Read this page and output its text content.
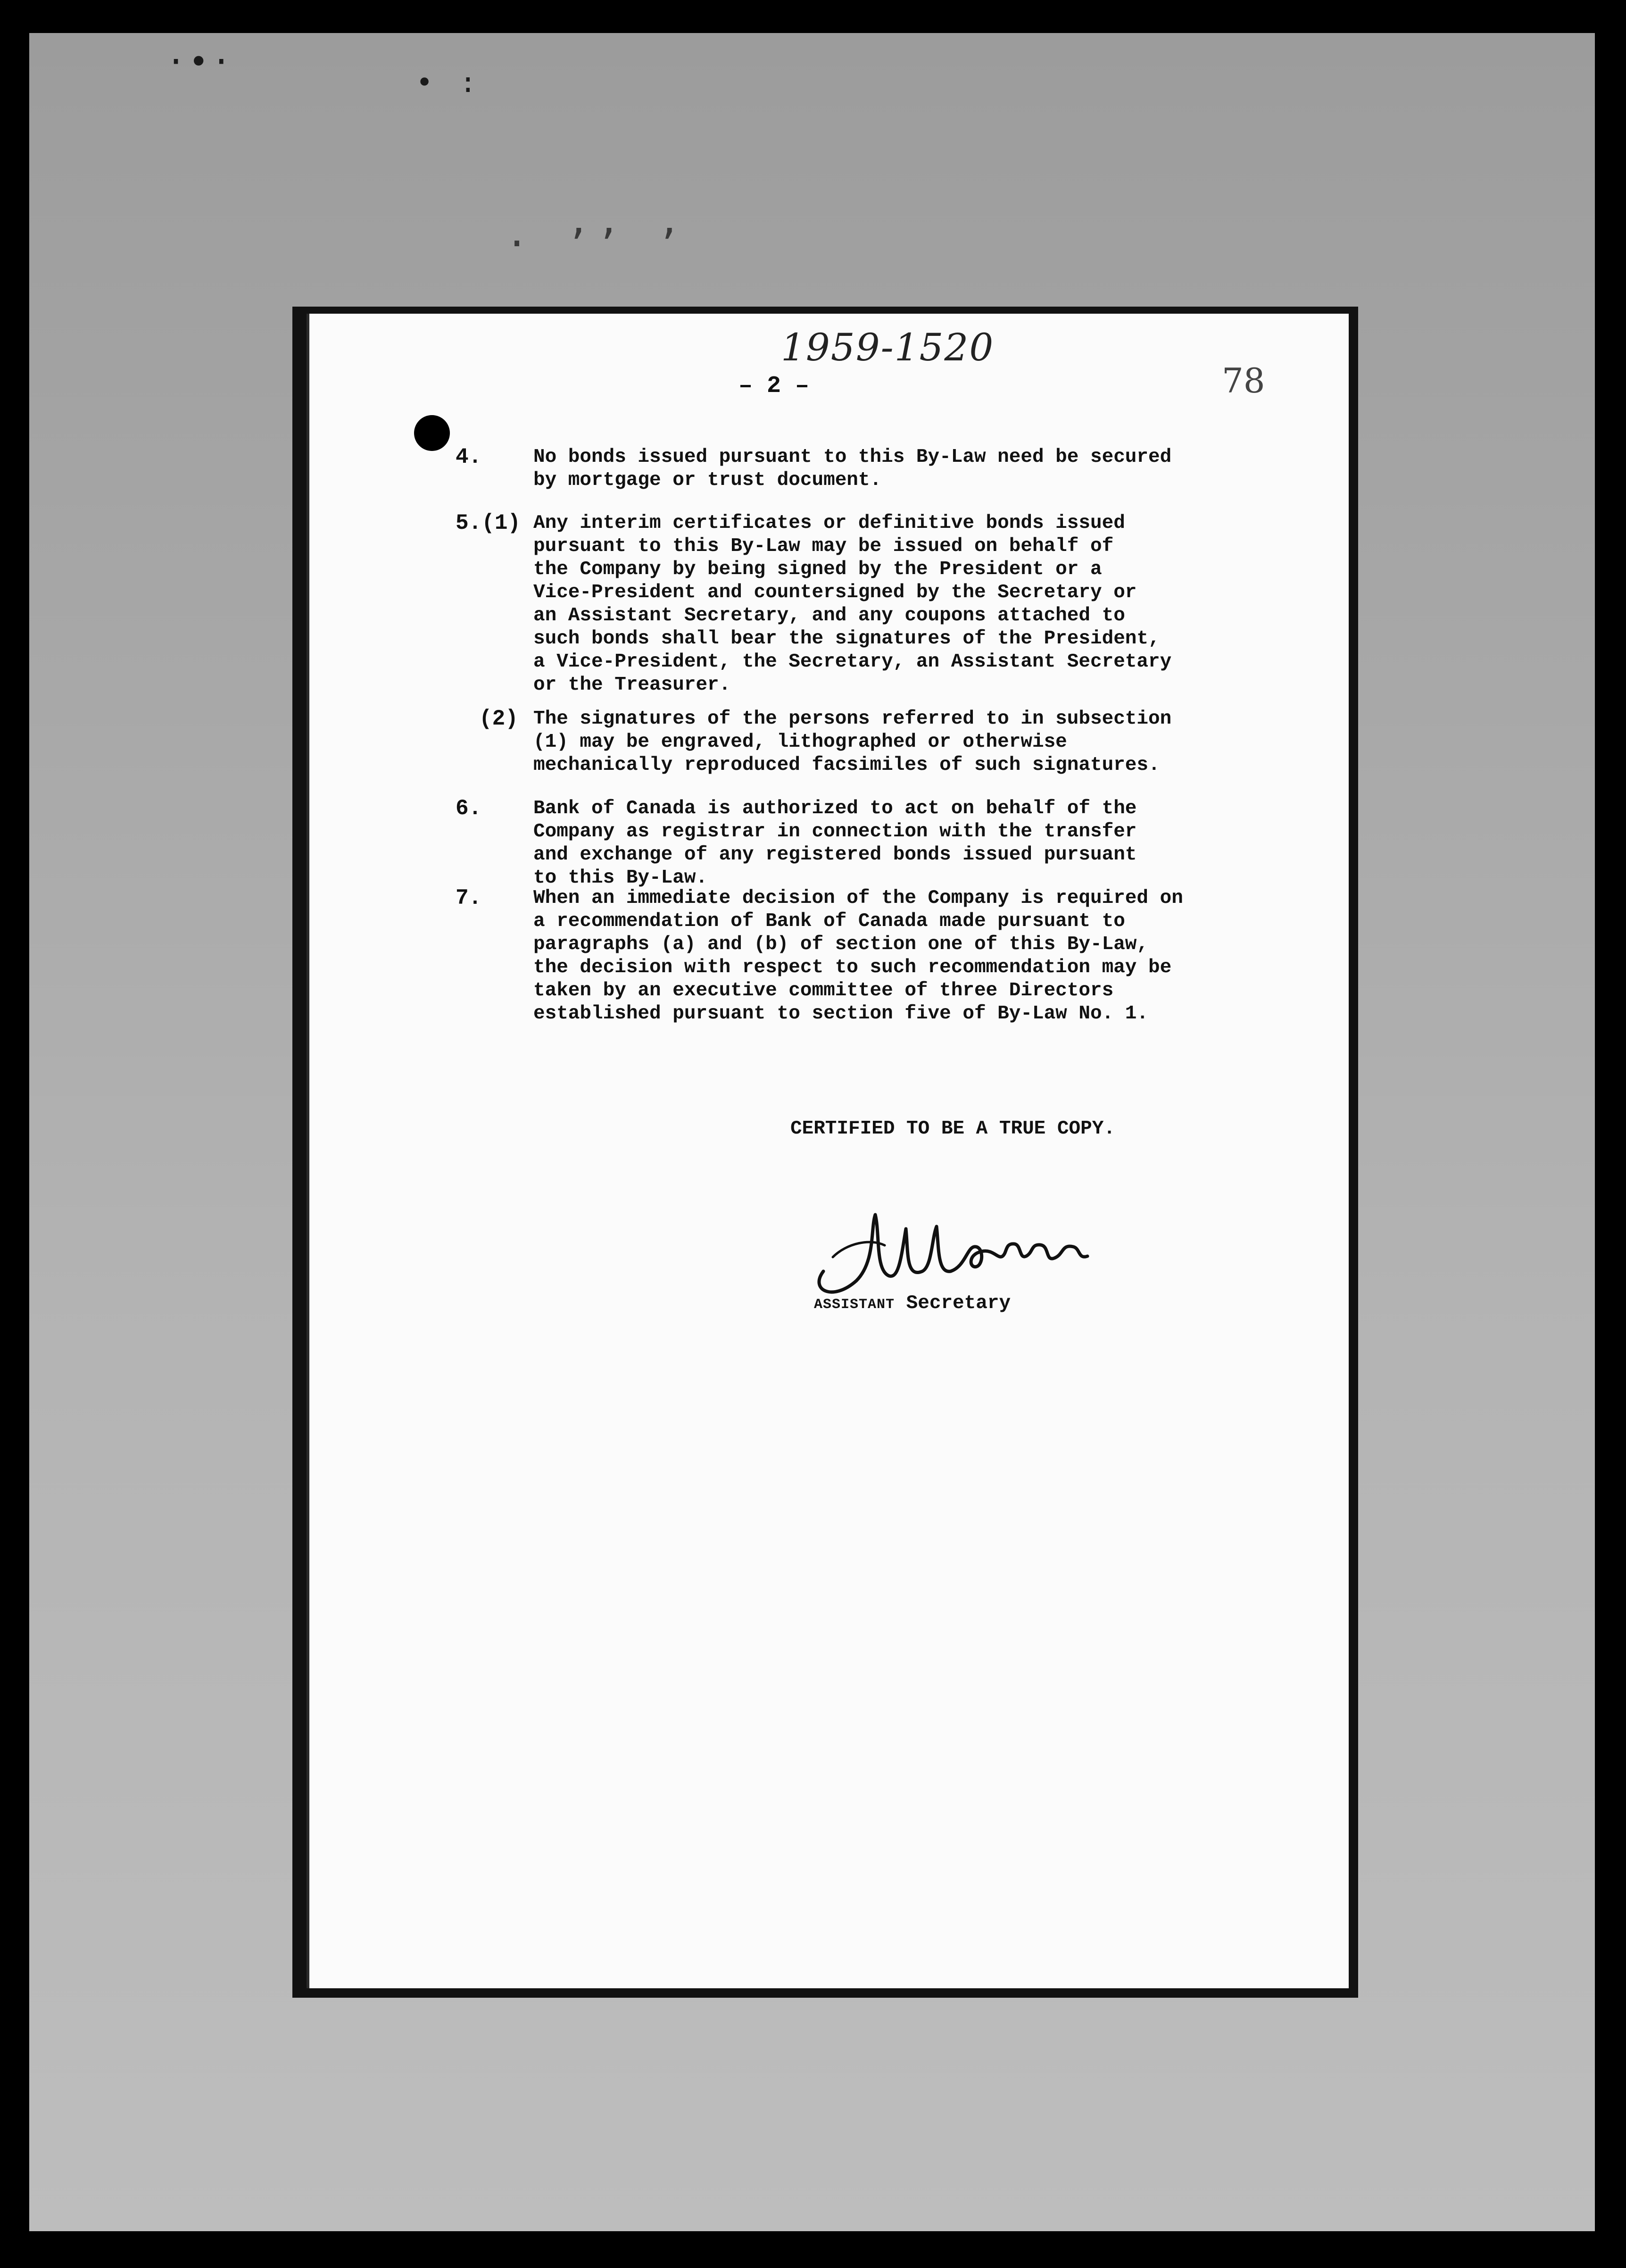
·•·
• :
· ’’ ’
1959-1520
78
– 2 –
4.	No bonds issued pursuant to this By-Law need be secured
by mortgage or trust document.
5.(1) Any interim certificates or definitive bonds issued
pursuant to this By-Law may be issued on behalf of
the Company by being signed by the President or a
Vice-President and countersigned by the Secretary or
an Assistant Secretary, and any coupons attached to
such bonds shall bear the signatures of the President,
a Vice-President, the Secretary, an Assistant Secretary
or the Treasurer.
(2) The signatures of the persons referred to in subsection
(1) may be engraved, lithographed or otherwise
mechanically reproduced facsimiles of such signatures.
6.	Bank of Canada is authorized to act on behalf of the
Company as registrar in connection with the transfer
and exchange of any registered bonds issued pursuant
to this By-Law.
7.	When an immediate decision of the Company is required on
a recommendation of Bank of Canada made pursuant to
paragraphs (a) and (b) of section one of this By-Law,
the decision with respect to such recommendation may be
taken by an executive committee of three Directors
established pursuant to section five of By-Law No. 1.
CERTIFIED TO BE A TRUE COPY.
ASSISTANT Secretary
